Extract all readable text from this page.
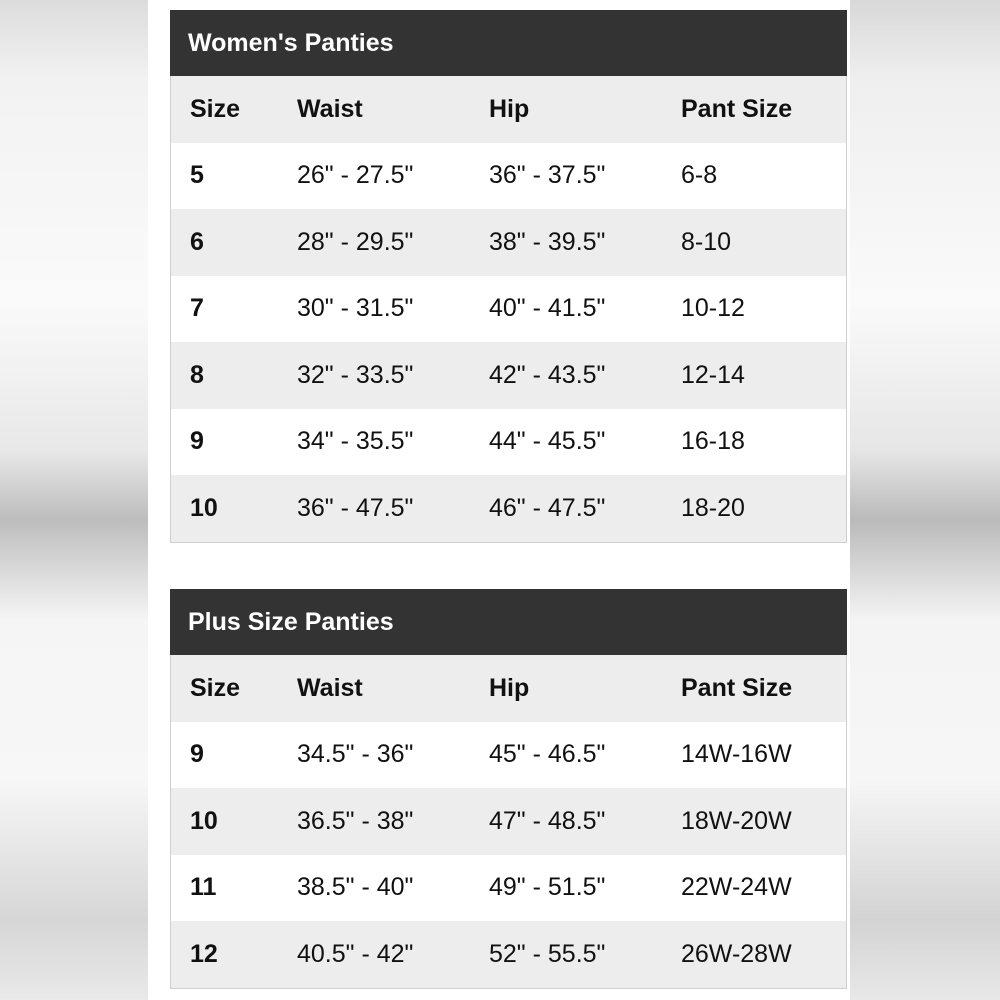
Women's Panties
Size	Waist	Hip	Pant Size
5	26" - 27.5"	36" - 37.5"	6-8
6	28" - 29.5"	38" - 39.5"	8-10
7	30" - 31.5"	40" - 41.5"	10-12
8	32" - 33.5"	42" - 43.5"	12-14
9	34" - 35.5"	44" - 45.5"	16-18
10	36" - 47.5"	46" - 47.5"	18-20
Plus Size Panties
Size	Waist	Hip	Pant Size
9	34.5" - 36"	45" - 46.5"	14W-16W
10	36.5" - 38"	47" - 48.5"	18W-20W
11	38.5" - 40"	49" - 51.5"	22W-24W
12	40.5" - 42"	52" - 55.5"	26W-28W
